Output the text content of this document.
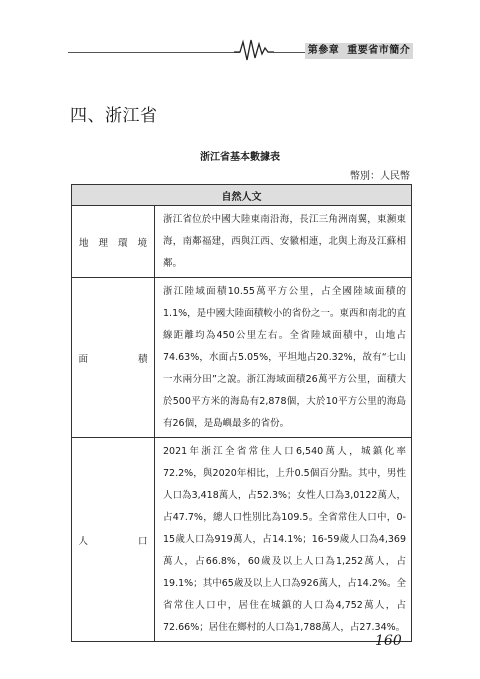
第參章 重要省市簡介
四、浙江省
浙江省基本數據表
幣別：人民幣
自然人文	
地理環境	浙江省位於中國大陸東南沿海，長江三角洲南翼，東瀕東海，南鄰福建，西與江西、安徽相連，北與上海及江蘇相鄰。
面積	浙江陸域面積10.55萬平方公里，占全國陸域面積的1.1%，是中國大陸面積較小的省份之一。東西和南北的直線距離均為450公里左右。全省陸域面積中，山地占74.63%，水面占5.05%，平坦地占20.32%，故有“七山一水兩分田”之說。浙江海域面積26萬平方公里，面積大於500平方米的海島有2,878個，大於10平方公里的海島有26個，是島嶼最多的省份。
人口	2021年浙江全省常住人口6,540萬人，城鎮化率72.2%，與2020年相比，上升0.5個百分點。其中，男性人口為3,418萬人，占52.3%；女性人口為3,0122萬人，占47.7%，總人口性別比為109.5。全省常住人口中，0-15歲人口為919萬人，占14.1%；16-59歲人口為4,369萬人，占66.8%，60歲及以上人口為1,252萬人，占19.1%；其中65歲及以上人口為926萬人，占14.2%。全省常住人口中，居住在城鎮的人口為4,752萬人，占72.66%；居住在鄉村的人口為1,788萬人，占27.34%。
160
